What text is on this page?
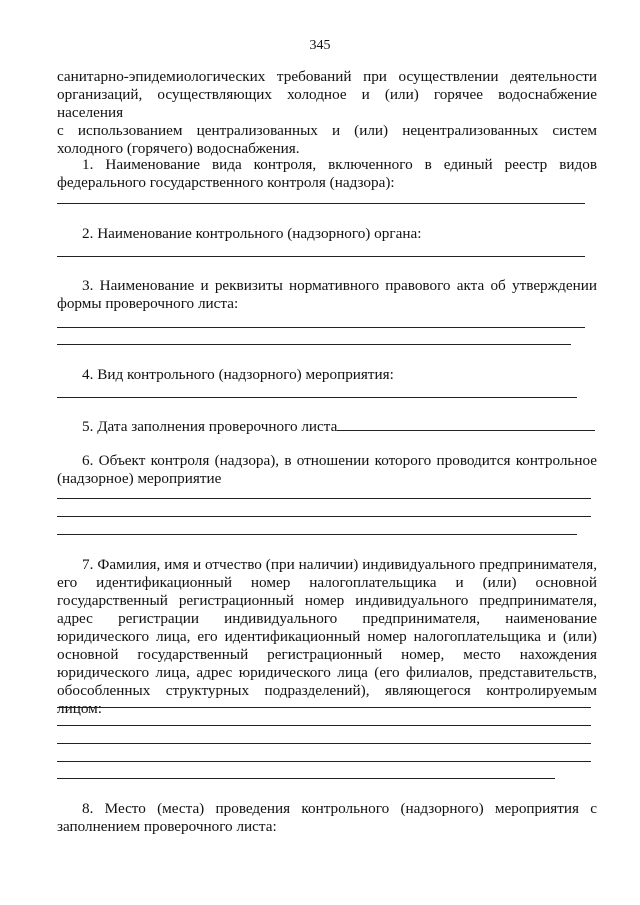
345

санитарно-эпидемиологических требований при осуществлении деятельности

организаций, осуществляющих холодное и (или) горячее водоснабжение населения

с использованием централизованных и (или) нецентрализованных систем

холодного (горячего) водоснабжения.

1. Наименование вида контроля, включенного в единый реестр видов

федерального государственного контроля (надзора):

2. Наименование контрольного (надзорного) органа:

3. Наименование и реквизиты нормативного правового акта об утверждении

формы проверочного листа:

4. Вид контрольного (надзорного) мероприятия:

5. Дата заполнения проверочного листа

6. Объект контроля (надзора), в отношении которого проводится контрольное

(надзорное) мероприятие

7. Фамилия, имя и отчество (при наличии) индивидуального предпринимателя,

его идентификационный номер налогоплательщика и (или) основной

государственный регистрационный номер индивидуального предпринимателя,

адрес регистрации индивидуального предпринимателя, наименование

юридического лица, его идентификационный номер налогоплательщика и (или)

основной государственный регистрационный номер, место нахождения

юридического лица, адрес юридического лица (его филиалов, представительств,

обособленных структурных подразделений), являющегося контролируемым лицом:

8. Место (места) проведения контрольного (надзорного) мероприятия с

заполнением проверочного листа:
